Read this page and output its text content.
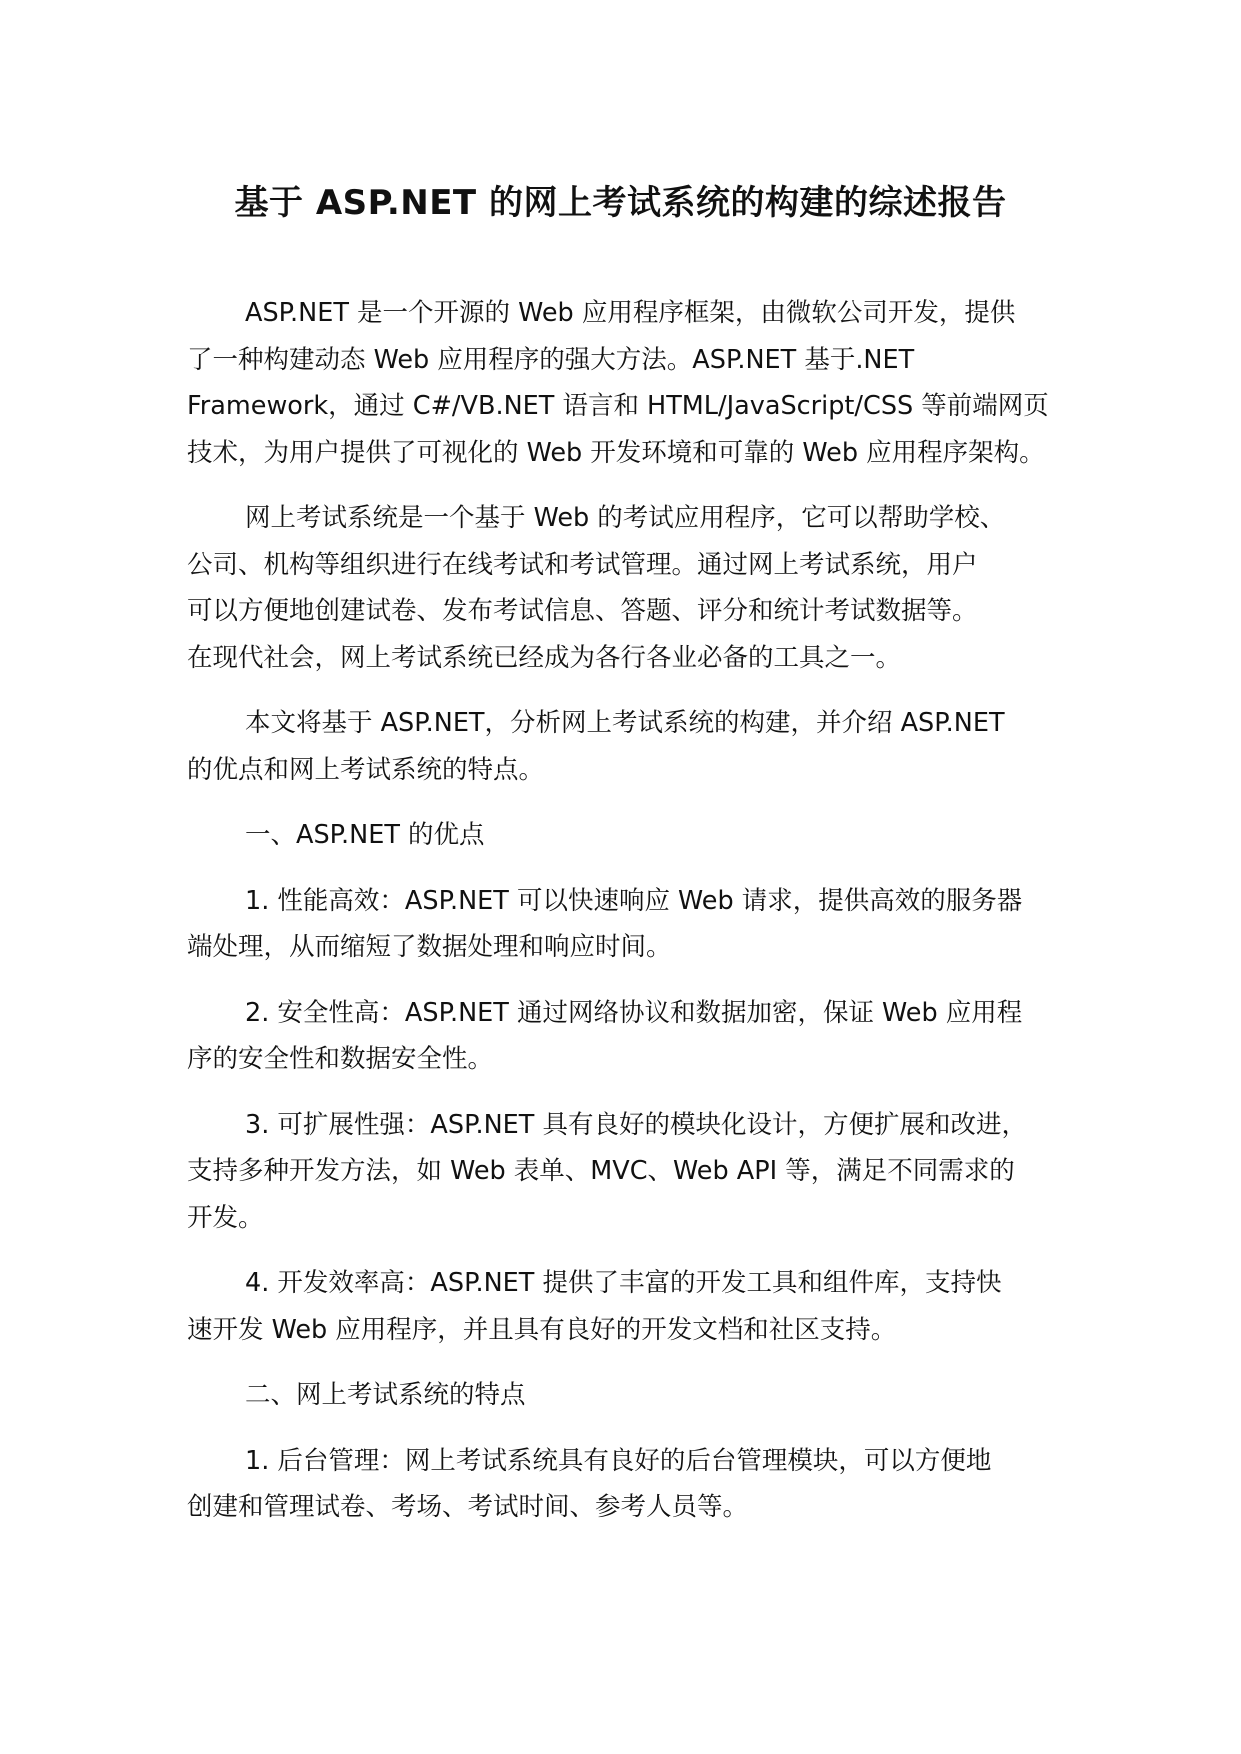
基于 ASP.NET 的网上考试系统的构建的综述报告

ASP.NET 是一个开源的 Web 应用程序框架，由微软公司开发，提供
了一种构建动态 Web 应用程序的强大方法。ASP.NET 基于.NET
Framework，通过 C#/VB.NET 语言和 HTML/JavaScript/CSS 等前端网页
技术，为用户提供了可视化的 Web 开发环境和可靠的 Web 应用程序架构。

网上考试系统是一个基于 Web 的考试应用程序，它可以帮助学校、
公司、机构等组织进行在线考试和考试管理。通过网上考试系统，用户
可以方便地创建试卷、发布考试信息、答题、评分和统计考试数据等。
在现代社会，网上考试系统已经成为各行各业必备的工具之一。

本文将基于 ASP.NET，分析网上考试系统的构建，并介绍 ASP.NET
的优点和网上考试系统的特点。

一、ASP.NET 的优点

1. 性能高效：ASP.NET 可以快速响应 Web 请求，提供高效的服务器
端处理，从而缩短了数据处理和响应时间。

2. 安全性高：ASP.NET 通过网络协议和数据加密，保证 Web 应用程
序的安全性和数据安全性。

3. 可扩展性强：ASP.NET 具有良好的模块化设计，方便扩展和改进，
支持多种开发方法，如 Web 表单、MVC、Web API 等，满足不同需求的
开发。

4. 开发效率高：ASP.NET 提供了丰富的开发工具和组件库，支持快
速开发 Web 应用程序，并且具有良好的开发文档和社区支持。

二、网上考试系统的特点

1. 后台管理：网上考试系统具有良好的后台管理模块，可以方便地
创建和管理试卷、考场、考试时间、参考人员等。
